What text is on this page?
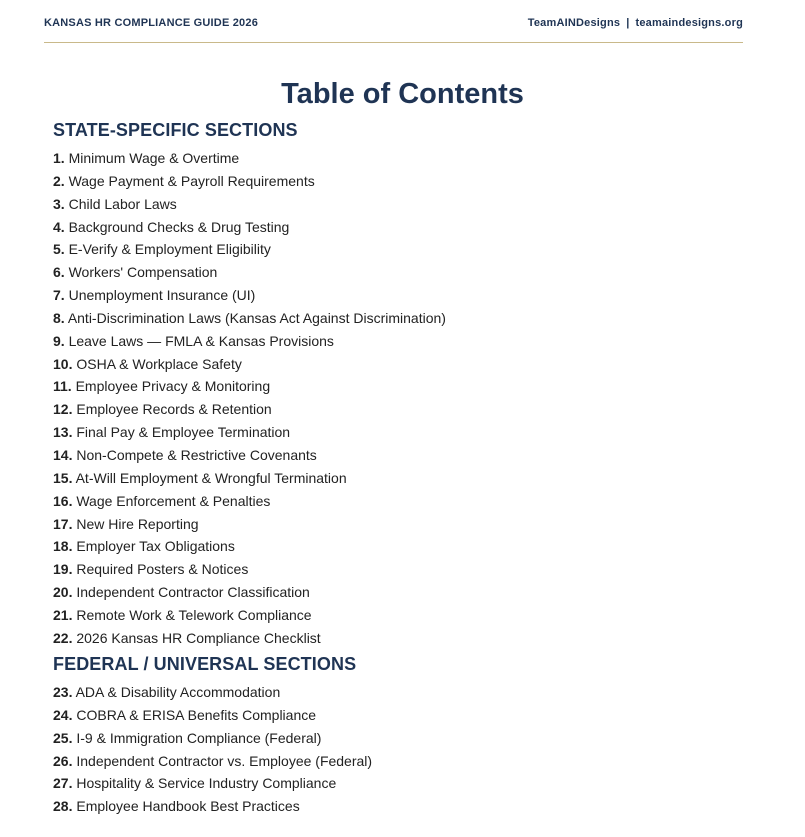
KANSAS HR COMPLIANCE GUIDE 2026	TeamAINDesigns | teamaindesigns.org
Table of Contents
STATE-SPECIFIC SECTIONS
1. Minimum Wage & Overtime
2. Wage Payment & Payroll Requirements
3. Child Labor Laws
4. Background Checks & Drug Testing
5. E-Verify & Employment Eligibility
6. Workers' Compensation
7. Unemployment Insurance (UI)
8. Anti-Discrimination Laws (Kansas Act Against Discrimination)
9. Leave Laws — FMLA & Kansas Provisions
10. OSHA & Workplace Safety
11. Employee Privacy & Monitoring
12. Employee Records & Retention
13. Final Pay & Employee Termination
14. Non-Compete & Restrictive Covenants
15. At-Will Employment & Wrongful Termination
16. Wage Enforcement & Penalties
17. New Hire Reporting
18. Employer Tax Obligations
19. Required Posters & Notices
20. Independent Contractor Classification
21. Remote Work & Telework Compliance
22. 2026 Kansas HR Compliance Checklist
FEDERAL / UNIVERSAL SECTIONS
23. ADA & Disability Accommodation
24. COBRA & ERISA Benefits Compliance
25. I-9 & Immigration Compliance (Federal)
26. Independent Contractor vs. Employee (Federal)
27. Hospitality & Service Industry Compliance
28. Employee Handbook Best Practices
